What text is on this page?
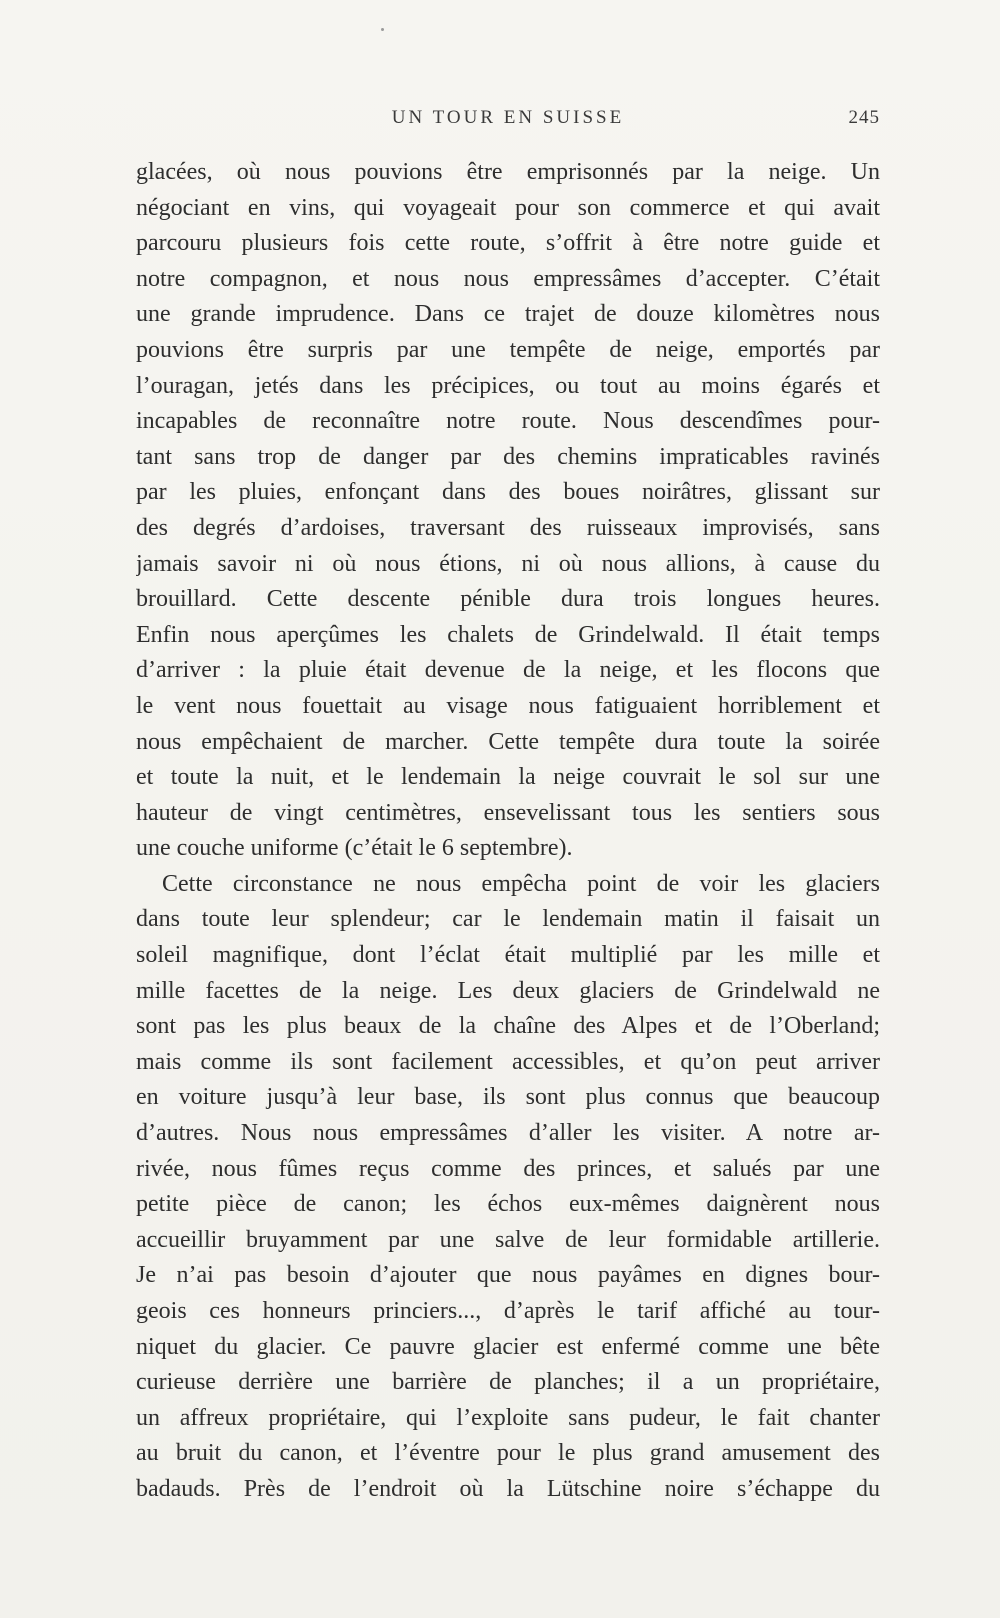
UN TOUR EN SUISSE	245
glacées, où nous pouvions être emprisonnés par la neige. Un
négociant en vins, qui voyageait pour son commerce et qui avait
parcouru plusieurs fois cette route, s’offrit à être notre guide et
notre compagnon, et nous nous empressâmes d’accepter. C’était
une grande imprudence. Dans ce trajet de douze kilomètres nous
pouvions être surpris par une tempête de neige, emportés par
l’ouragan, jetés dans les précipices, ou tout au moins égarés et
incapables de reconnaître notre route. Nous descendîmes pour-
tant sans trop de danger par des chemins impraticables ravinés
par les pluies, enfonçant dans des boues noirâtres, glissant sur
des degrés d’ardoises, traversant des ruisseaux improvisés, sans
jamais savoir ni où nous étions, ni où nous allions, à cause du
brouillard. Cette descente pénible dura trois longues heures.
Enfin nous aperçûmes les chalets de Grindelwald. Il était temps
d’arriver : la pluie était devenue de la neige, et les flocons que
le vent nous fouettait au visage nous fatiguaient horriblement et
nous empêchaient de marcher. Cette tempête dura toute la soirée
et toute la nuit, et le lendemain la neige couvrait le sol sur une
hauteur de vingt centimètres, ensevelissant tous les sentiers sous
une couche uniforme (c’était le 6 septembre).
Cette circonstance ne nous empêcha point de voir les glaciers
dans toute leur splendeur; car le lendemain matin il faisait un
soleil magnifique, dont l’éclat était multiplié par les mille et
mille facettes de la neige. Les deux glaciers de Grindelwald ne
sont pas les plus beaux de la chaîne des Alpes et de l’Oberland;
mais comme ils sont facilement accessibles, et qu’on peut arriver
en voiture jusqu’à leur base, ils sont plus connus que beaucoup
d’autres. Nous nous empressâmes d’aller les visiter. A notre ar-
rivée, nous fûmes reçus comme des princes, et salués par une
petite pièce de canon; les échos eux-mêmes daignèrent nous
accueillir bruyamment par une salve de leur formidable artillerie.
Je n’ai pas besoin d’ajouter que nous payâmes en dignes bour-
geois ces honneurs princiers..., d’après le tarif affiché au tour-
niquet du glacier. Ce pauvre glacier est enfermé comme une bête
curieuse derrière une barrière de planches; il a un propriétaire,
un affreux propriétaire, qui l’exploite sans pudeur, le fait chanter
au bruit du canon, et l’éventre pour le plus grand amusement des
badauds. Près de l’endroit où la Lütschine noire s’échappe du
